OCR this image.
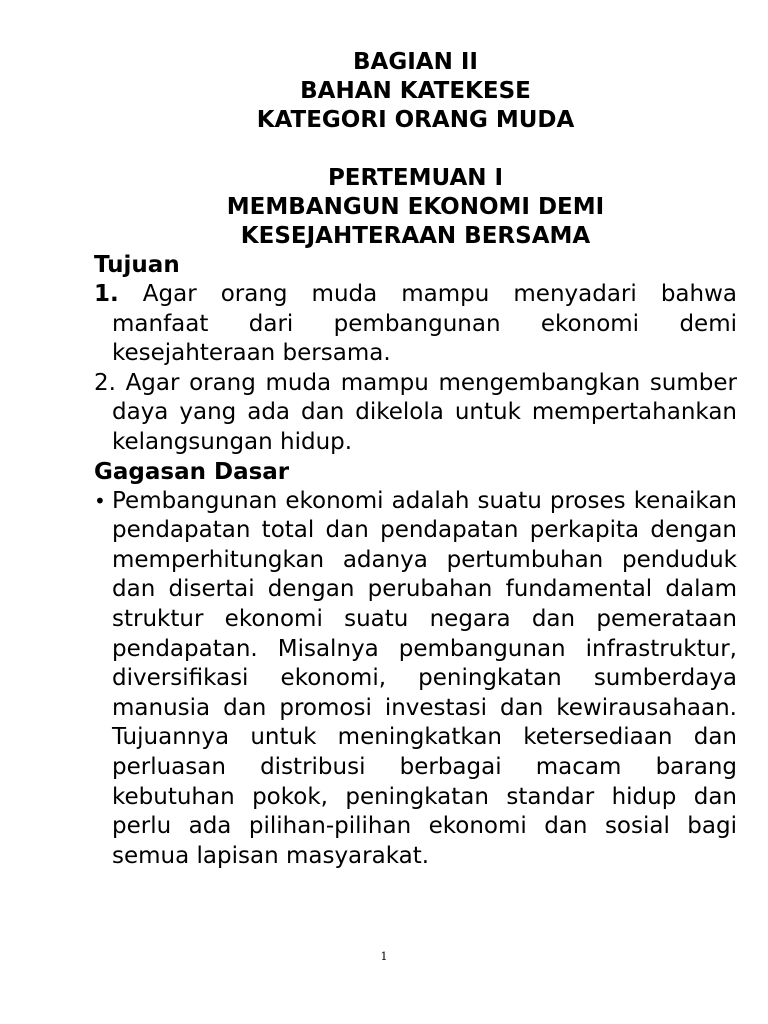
BAGIAN II
BAHAN KATEKESE
KATEGORI ORANG MUDA
PERTEMUAN I
MEMBANGUN EKONOMI DEMI
KESEJAHTERAAN BERSAMA
Tujuan
1. Agar orang muda mampu menyadari bahwa manfaat dari pembangunan ekonomi demi kesejahteraan bersama.
2. Agar orang muda mampu mengembangkan sumber daya yang ada dan dikelola untuk mempertahankan kelangsungan hidup.
Gagasan Dasar
• Pembangunan ekonomi adalah suatu proses kenaikan pendapatan total dan pendapatan perkapita dengan memperhitungkan adanya pertumbuhan penduduk dan disertai dengan perubahan fundamental dalam struktur ekonomi suatu negara dan pemerataan pendapatan. Misalnya pembangunan infrastruktur, diversifikasi ekonomi, peningkatan sumberdaya manusia dan promosi investasi dan kewirausahaan. Tujuannya untuk meningkatkan ketersediaan dan perluasan distribusi berbagai macam barang kebutuhan pokok, peningkatan standar hidup dan perlu ada pilihan-pilihan ekonomi dan sosial bagi semua lapisan masyarakat.
1
